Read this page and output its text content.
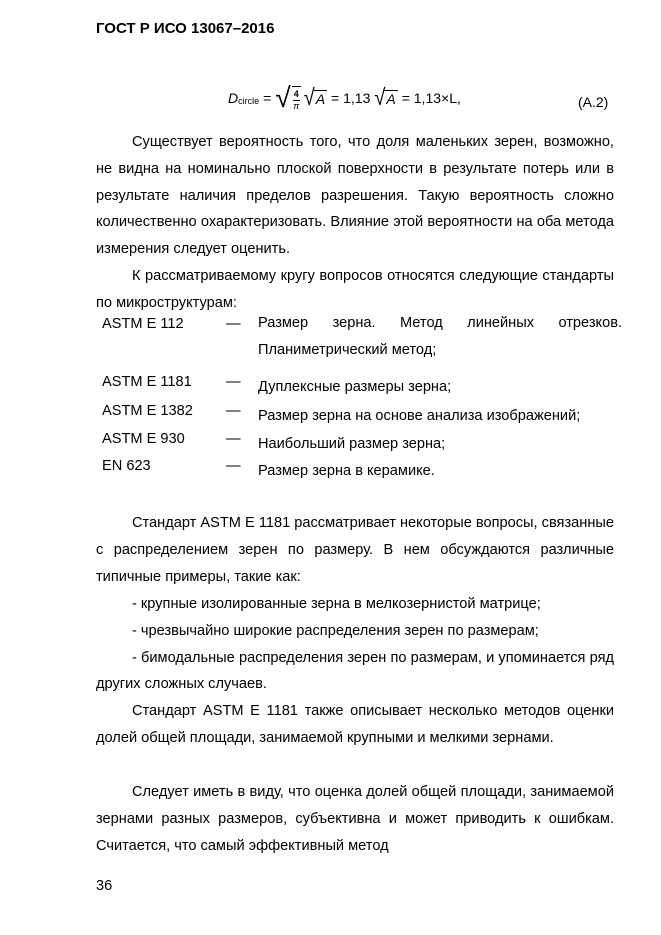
ГОСТ Р ИСО 13067–2016
D circle = √ $\frac{4}{\pi}$ √ A = 1,13 √ A = 1,13×L,	(A.2)

Существует вероятность того, что доля маленьких зерен, возможно, не видна на номинально плоской поверхности в результате потерь или в результате наличия пределов разрешения. Такую вероятность сложно количественно охарактеризовать. Влияние этой вероятности на оба метода измерения следует оценить.

К рассматриваемому кругу вопросов относятся следующие стандарты по микроструктурам:

ASTM E 112	— Размер зерна. Метод линейных отрезков. Планиметрический метод;
ASTM E 1181 — Дуплексные размеры зерна;
ASTM E 1382 — Размер зерна на основе анализа изображений;
ASTM E 930	— Наибольший размер зерна;
EN 623	— Размер зерна в керамике.

Стандарт ASTM E 1181 рассматривает некоторые вопросы, связанные с распределением зерен по размеру. В нем обсуждаются различные типичные примеры, такие как:

- крупные изолированные зерна в мелкозернистой матрице;

- чрезвычайно широкие распределения зерен по размерам;

- бимодальные распределения зерен по размерам, и упоминается ряд других сложных случаев.

Стандарт ASTM E 1181 также описывает несколько методов оценки долей общей площади, занимаемой крупными и мелкими зернами.

Следует иметь в виду, что оценка долей общей площади, занимаемой зернами разных размеров, субъективна и может приводить к ошибкам. Считается, что самый эффективный метод

36
